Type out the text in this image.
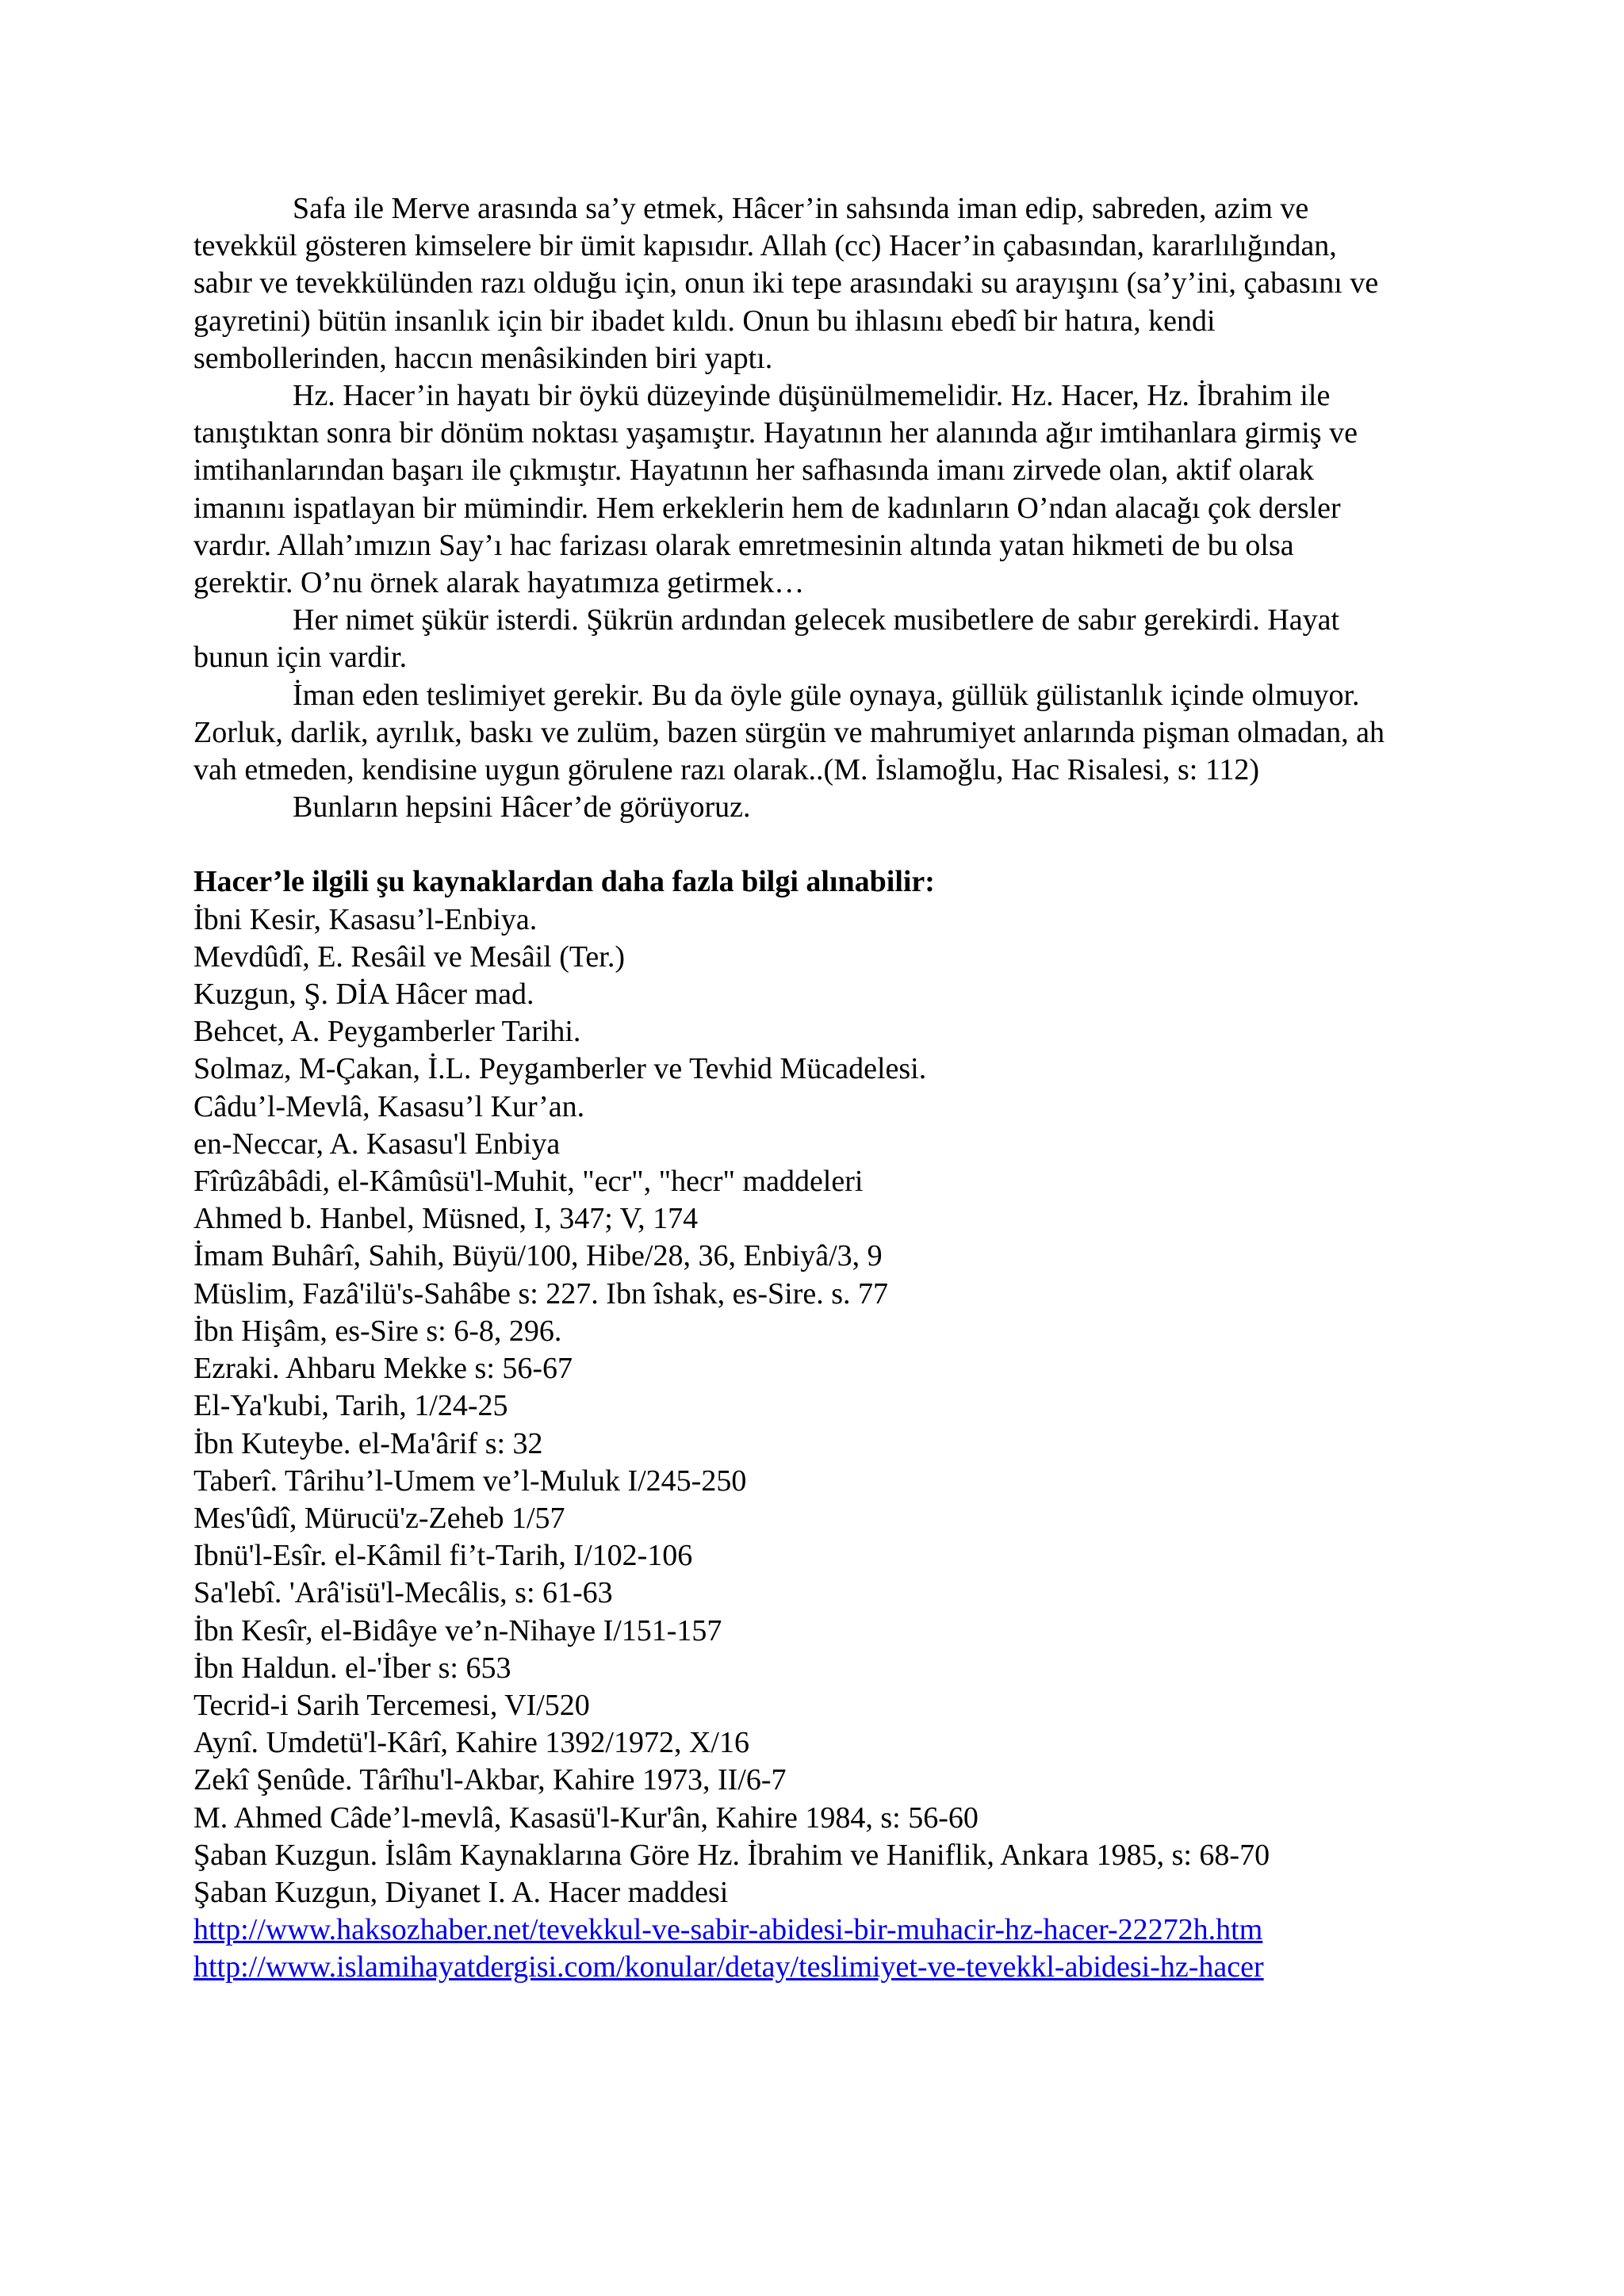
Safa ile Merve arasında sa’y etmek, Hâcer’in sahsında iman edip, sabreden, azim ve tevekkül gösteren kimselere bir ümit kapısıdır. Allah (cc) Hacer’in çabasından, kararlılığından, sabır ve tevekkülünden razı olduğu için, onun iki tepe arasındaki su arayışını (sa’y’ini, çabasını ve gayretini) bütün insanlık için bir ibadet kıldı. Onun bu ihlasını ebedî bir hatıra, kendi sembollerinden, haccın menâsikinden biri yaptı.

Hz. Hacer’in hayatı bir öykü düzeyinde düşünülmemelidir. Hz. Hacer, Hz. İbrahim ile tanıştıktan sonra bir dönüm noktası yaşamıştır. Hayatının her alanında ağır imtihanlara girmiş ve imtihanlarından başarı ile çıkmıştır. Hayatının her safhasında imanı zirvede olan, aktif olarak imanını ispatlayan bir mümindir. Hem erkeklerin hem de kadınların O’ndan alacağı çok dersler vardır. Allah’ımızın Say’ı hac farizası olarak emretmesinin altında yatan hikmeti de bu olsa gerektir. O’nu örnek alarak hayatımıza getirmek…

Her nimet şükür isterdi. Şükrün ardından gelecek musibetlere de sabır gerekirdi. Hayat bunun için vardir.

İman eden teslimiyet gerekir. Bu da öyle güle oynaya, güllük gülistanlık içinde olmuyor. Zorluk, darlik, ayrılık, baskı ve zulüm, bazen sürgün ve mahrumiyet anlarında pişman olmadan, ah vah etmeden, kendisine uygun görulene razı olarak..(M. İslamoğlu, Hac Risalesi, s: 112)

Bunların hepsini Hâcer’de görüyoruz.

Hacer’le ilgili şu kaynaklardan daha fazla bilgi alınabilir:

İbni Kesir, Kasasu’l-Enbiya.
Mevdûdî, E. Resâil ve Mesâil (Ter.)
Kuzgun, Ş. DİA Hâcer mad.
Behcet, A. Peygamberler Tarihi.
Solmaz, M-Çakan, İ.L. Peygamberler ve Tevhid Mücadelesi.
Câdu’l-Mevlâ, Kasasu’l Kur’an.
en-Neccar, A. Kasasu'l Enbiya
Fîrûzâbâdi, el-Kâmûsü'l-Muhit, "ecr", "hecr" maddeleri
Ahmed b. Hanbel, Müsned, I, 347; V, 174
İmam Buhârî, Sahih, Büyü/100, Hibe/28, 36, Enbiyâ/3, 9
Müslim, Fazâ'ilü's-Sahâbe s: 227. Ibn îshak, es-Sire. s. 77
İbn Hişâm, es-Sire s: 6-8, 296.
Ezraki. Ahbaru Mekke s: 56-67
El-Ya'kubi, Tarih, 1/24-25
İbn Kuteybe. el-Ma'ârif s: 32
Taberî. Târihu’l-Umem ve’l-Muluk I/245-250
Mes'ûdî, Mürucü'z-Zeheb 1/57
Ibnü'l-Esîr. el-Kâmil fi’t-Tarih, I/102-106
Sa'lebî. 'Arâ'isü'l-Mecâlis, s: 61-63
İbn Kesîr, el-Bidâye ve’n-Nihaye I/151-157
İbn Haldun. el-'İber s: 653
Tecrid-i Sarih Tercemesi, VI/520
Aynî. Umdetü'l-Kârî, Kahire 1392/1972, X/16
Zekî Şenûde. Târîhu'l-Akbar, Kahire 1973, II/6-7
M. Ahmed Câde’l-mevlâ, Kasasü'l-Kur'ân, Kahire 1984, s: 56-60
Şaban Kuzgun. İslâm Kaynaklarına Göre Hz. İbrahim ve Haniflik, Ankara 1985, s: 68-70
Şaban Kuzgun, Diyanet I. A. Hacer maddesi
http://www.haksozhaber.net/tevekkul-ve-sabir-abidesi-bir-muhacir-hz-hacer-22272h.htm
http://www.islamihayatdergisi.com/konular/detay/teslimiyet-ve-tevekkl-abidesi-hz-hacer
